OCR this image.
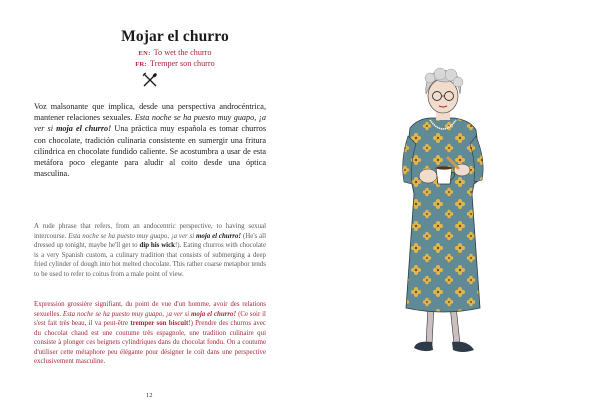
Mojar el churro
EN: To wet the churro
FR: Tremper son churro
Voz malsonante que implica, desde una perspectiva androcéntrica, mantener relaciones sexuales. Esta noche se ha puesto muy guapo, ¡a ver si moja el churro! Una práctica muy española es tomar churros con chocolate, tradición culinaria consistente en sumergir una fritura cilíndrica en chocolate fundido caliente. Se acostumbra a usar de esta metáfora poco elegante para aludir al coito desde una óptica masculina.
A rude phrase that refers, from an andocentric perspective, to having sexual intercourse. Esta noche se ha puesto muy guapo, ¡a ver si moja el churro! (He's all dressed up tonight, maybe he'll get to dip his wick!). Eating churros with chocolate is a very Spanish custom, a culinary tradition that consists of submerging a deep fried cylinder of dough into hot melted chocolate. This rather coarse metaphor tends to be used to refer to coitus from a male point of view.
Expression grossière signifiant, du point de vue d'un homme, avoir des relations sexuelles. Esta noche se ha puesto muy guapo, ¡a ver si moja el churro! (Ce soir il s'est fait très beau, il va peut-être tremper son biscuit!) Prendre des churros avec du chocolat chaud est une coutume très espagnole, une tradition culinaire qui consiste à plonger ces beignets cylindriques dans du chocolat fondu. On a coutume d'utiliser cette métaphore peu élégante pour désigner le coït dans une perspective exclusivement masculine.
12
